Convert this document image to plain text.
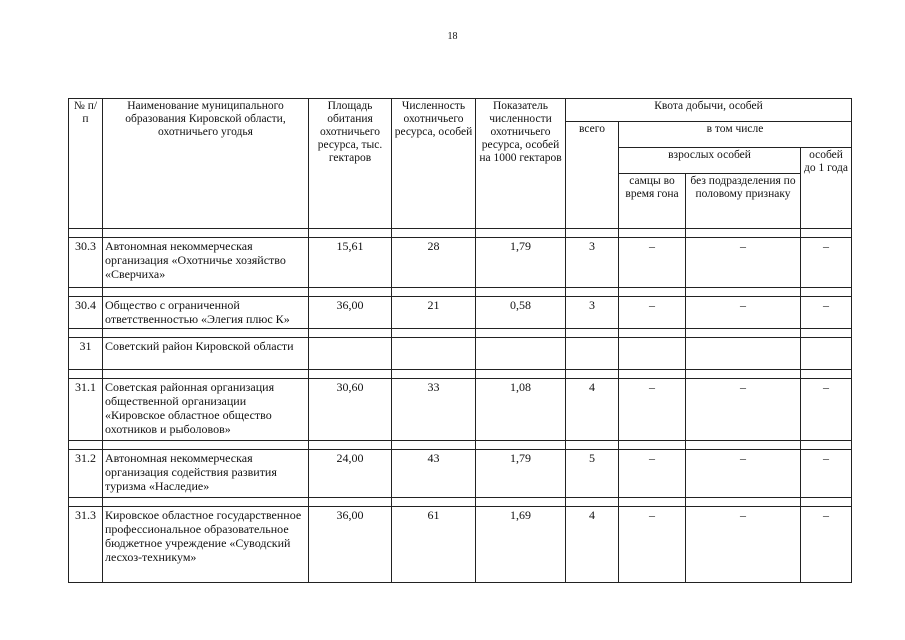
18
№ п/п	Наименование муниципального образования Кировской области, охотничьего угодья	Площадь обитания охотничьего ресурса, тыс. гектаров	Численность охотничьего ресурса, особей	Показатель численности охотничьего ресурса, особей на 1000 гектаров	Квота добычи, особей			
					всего	в том числе		
						взрослых особей		особей до 1 года
						самцы во время гона	без подразделения по половому признаку	

30.3	Автономная некоммерческая организация «Охотничье хозяйство «Сверчиха»	15,61	28	1,79	3	–	–	–

30.4	Общество с ограниченной ответственностью «Элегия плюс К»	36,00	21	0,58	3	–	–	–

31	Советский район Кировской области							

31.1	Советская районная организация общественной организации «Кировское областное общество охотников и рыболовов»	30,60	33	1,08	4	–	–	–

31.2	Автономная некоммерческая организация содействия развития туризма «Наследие»	24,00	43	1,79	5	–	–	–

31.3	Кировское областное государственное профессиональное образовательное бюджетное учреждение «Суводский лесхоз-техникум»	36,00	61	1,69	4	–	–	–
